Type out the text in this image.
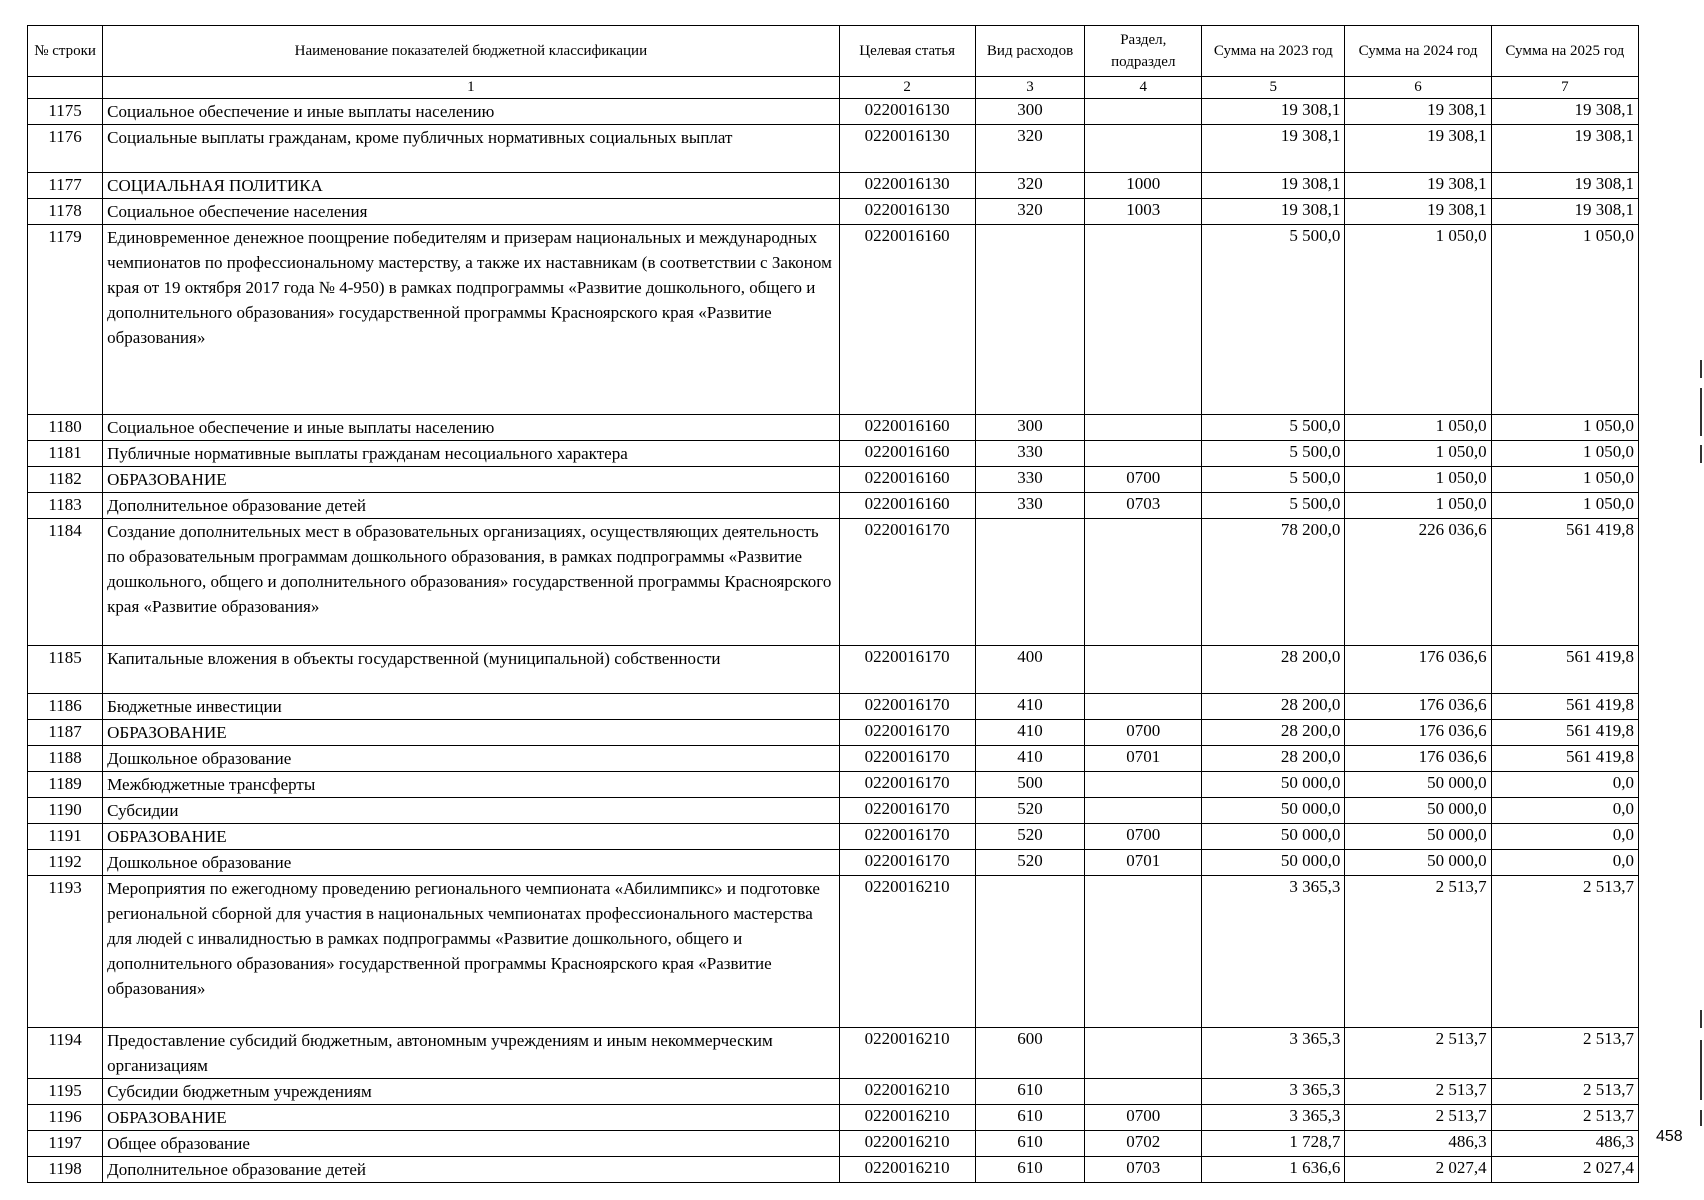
№ строки	Наименование показателей бюджетной классификации	Целевая статья	Вид расходов	Раздел, подраздел	Сумма на 2023 год	Сумма на 2024 год	Сумма на 2025 год
	1	2	3	4	5	6	7
1175	Социальное обеспечение и иные выплаты населению	0220016130	300		19 308,1	19 308,1	19 308,1
1176	Социальные выплаты гражданам, кроме публичных нормативных социальных выплат	0220016130	320		19 308,1	19 308,1	19 308,1
1177	СОЦИАЛЬНАЯ ПОЛИТИКА	0220016130	320	1000	19 308,1	19 308,1	19 308,1
1178	Социальное обеспечение населения	0220016130	320	1003	19 308,1	19 308,1	19 308,1
1179	Единовременное денежное поощрение победителям и призерам национальных и международных чемпионатов по профессиональному мастерству, а также их наставникам (в соответствии с Законом края от 19 октября 2017 года № 4-950) в рамках подпрограммы «Развитие дошкольного, общего и дополнительного образования» государственной программы Красноярского края «Развитие образования»	0220016160			5 500,0	1 050,0	1 050,0
1180	Социальное обеспечение и иные выплаты населению	0220016160	300		5 500,0	1 050,0	1 050,0
1181	Публичные нормативные выплаты гражданам несоциального характера	0220016160	330		5 500,0	1 050,0	1 050,0
1182	ОБРАЗОВАНИЕ	0220016160	330	0700	5 500,0	1 050,0	1 050,0
1183	Дополнительное образование детей	0220016160	330	0703	5 500,0	1 050,0	1 050,0
1184	Создание дополнительных мест в образовательных организациях, осуществляющих деятельность по образовательным программам дошкольного образования, в рамках подпрограммы «Развитие дошкольного, общего и дополнительного образования» государственной программы Красноярского края «Развитие образования»	0220016170			78 200,0	226 036,6	561 419,8
1185	Капитальные вложения в объекты государственной (муниципальной) собственности	0220016170	400		28 200,0	176 036,6	561 419,8
1186	Бюджетные инвестиции	0220016170	410		28 200,0	176 036,6	561 419,8
1187	ОБРАЗОВАНИЕ	0220016170	410	0700	28 200,0	176 036,6	561 419,8
1188	Дошкольное образование	0220016170	410	0701	28 200,0	176 036,6	561 419,8
1189	Межбюджетные трансферты	0220016170	500		50 000,0	50 000,0	0,0
1190	Субсидии	0220016170	520		50 000,0	50 000,0	0,0
1191	ОБРАЗОВАНИЕ	0220016170	520	0700	50 000,0	50 000,0	0,0
1192	Дошкольное образование	0220016170	520	0701	50 000,0	50 000,0	0,0
1193	Мероприятия по ежегодному проведению регионального чемпионата «Абилимпикс» и подготовке региональной сборной для участия в национальных чемпионатах профессионального мастерства для людей с инвалидностью в рамках подпрограммы «Развитие дошкольного, общего и дополнительного образования» государственной программы Красноярского края «Развитие образования»	0220016210			3 365,3	2 513,7	2 513,7
1194	Предоставление субсидий бюджетным, автономным учреждениям и иным некоммерческим организациям	0220016210	600		3 365,3	2 513,7	2 513,7
1195	Субсидии бюджетным учреждениям	0220016210	610		3 365,3	2 513,7	2 513,7
1196	ОБРАЗОВАНИЕ	0220016210	610	0700	3 365,3	2 513,7	2 513,7
1197	Общее образование	0220016210	610	0702	1 728,7	486,3	486,3
1198	Дополнительное образование детей	0220016210	610	0703	1 636,6	2 027,4	2 027,4
458
